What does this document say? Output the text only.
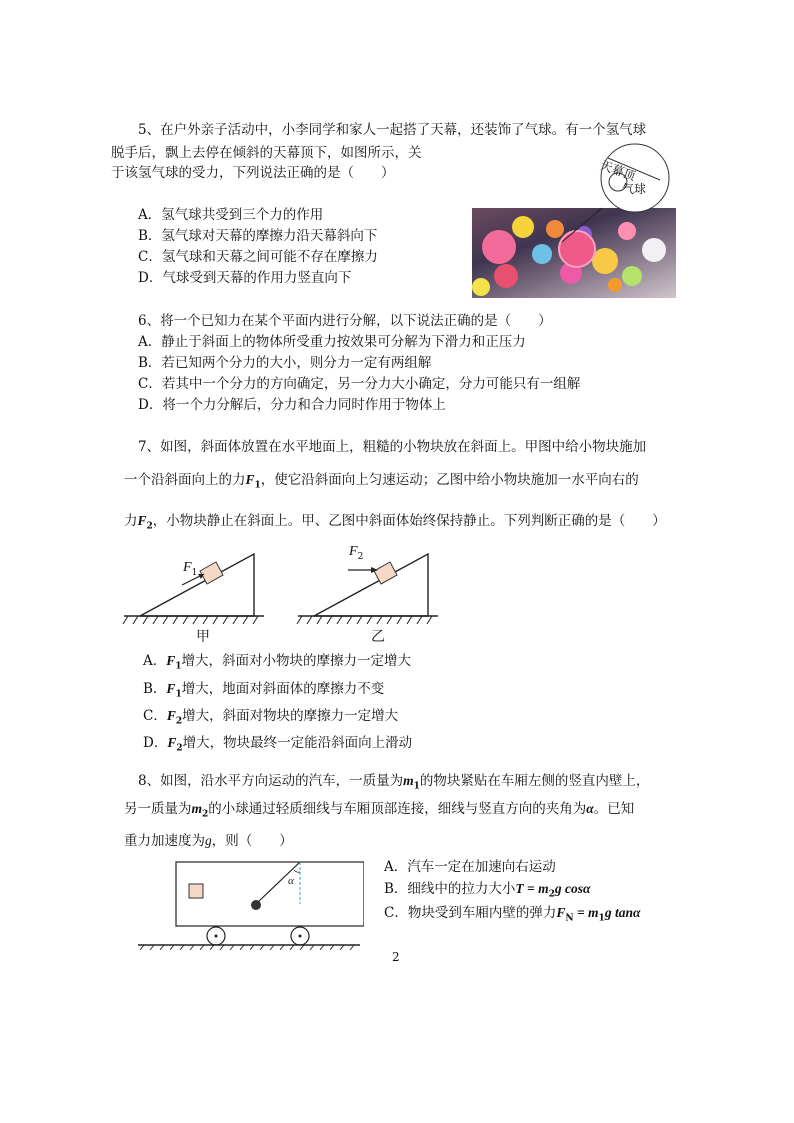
5、在户外亲子活动中，小李同学和家人一起搭了天幕，还装饰了气球。有一个氢气球
脱手后，飘上去停在倾斜的天幕顶下，如图所示，关
于该氢气球的受力，下列说法正确的是（　　）
A．氢气球共受到三个力的作用
B．氢气球对天幕的摩擦力沿天幕斜向下
C．氢气球和天幕之间可能不存在摩擦力
D．气球受到天幕的作用力竖直向下
天幕顶
气球
6、将一个已知力在某个平面内进行分解，以下说法正确的是（　　）
A．静止于斜面上的物体所受重力按效果可分解为下滑力和正压力
B．若已知两个分力的大小，则分力一定有两组解
C．若其中一个分力的方向确定，另一分力大小确定，分力可能只有一组解
D．将一个力分解后，分力和合力同时作用于物体上
7、如图，斜面体放置在水平地面上，粗糙的小物块放在斜面上。甲图中给小物块施加
一个沿斜面向上的力$F_1$，使它沿斜面向上匀速运动；乙图中给小物块施加一水平向右的
力$F_2$，小物块静止在斜面上。甲、乙图中斜面体始终保持静止。下列判断正确的是（　　）
$F_1$
甲
$F_2$
乙
A．$F_1$增大，斜面对小物块的摩擦力一定增大
B．$F_1$增大，地面对斜面体的摩擦力不变
C．$F_2$增大，斜面对物块的摩擦力一定增大
D．$F_2$增大，物块最终一定能沿斜面向上滑动
8、如图，沿水平方向运动的汽车，一质量为$m_1$的物块紧贴在车厢左侧的竖直内壁上，
另一质量为$m_2$的小球通过轻质细线与车厢顶部连接，细线与竖直方向的夹角为α。已知
重力加速度为g，则（　　）
α
A．汽车一定在加速向右运动
B．细线中的拉力大小$T = m_2g$ cosα
C．物块受到车厢内壁的弹力$F_N = m_1g$ tanα
2
